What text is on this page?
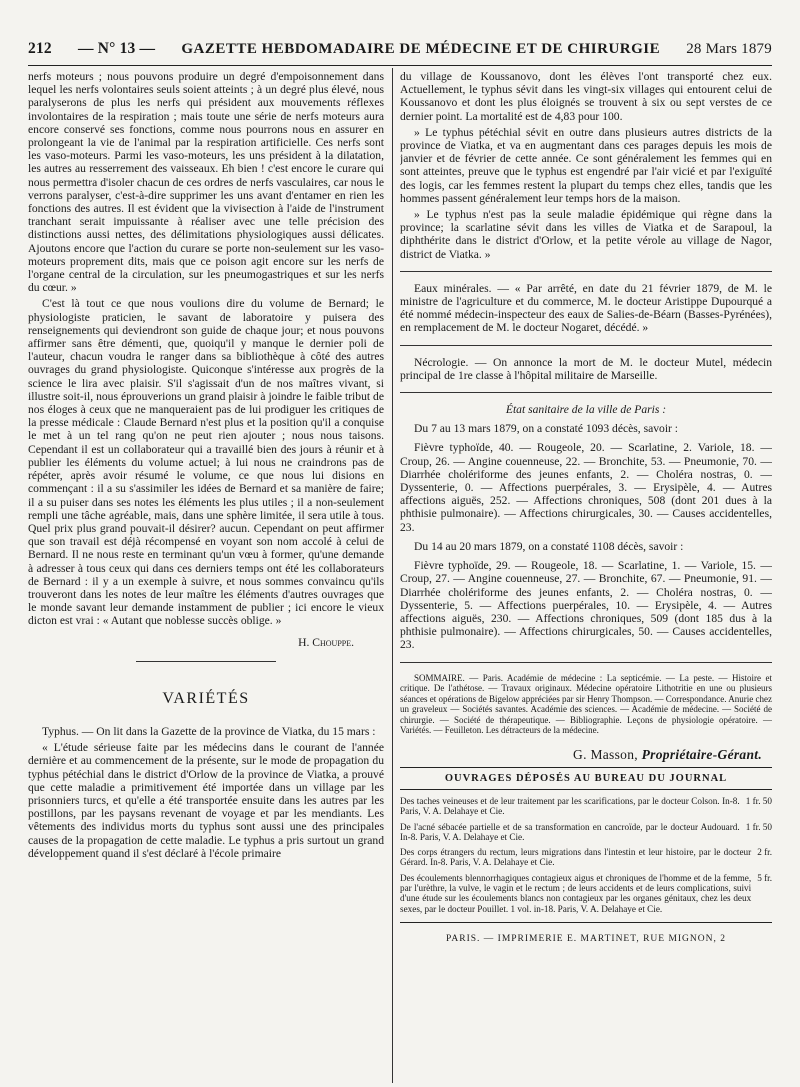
212 — N° 13 — GAZETTE HEBDOMADAIRE DE MÉDECINE ET DE CHIRURGIE 28 Mars 1879

nerfs moteurs ; nous pouvons produire un degré d'empoisonnement dans lequel les nerfs volontaires seuls soient atteints ; à un degré plus élevé, nous paralyserons de plus les nerfs qui président aux mouvements réflexes involontaires de la respiration ; mais toute une série de nerfs moteurs aura encore conservé ses fonctions, comme nous pourrons nous en assurer en prolongeant la vie de l'animal par la respiration artificielle. Ces nerfs sont les vaso-moteurs. Parmi les vaso-moteurs, les uns président à la dilatation, les autres au resserrement des vaisseaux. Eh bien ! c'est encore le curare qui nous permettra d'isoler chacun de ces ordres de nerfs vasculaires, car nous le verrons paralyser, c'est-à-dire supprimer les uns avant d'entamer en rien les fonctions des autres. Il est évident que la vivisection à l'aide de l'instrument tranchant serait impuissante à réaliser avec une telle précision des distinctions aussi nettes, des délimitations physiologiques aussi délicates. Ajoutons encore que l'action du curare se porte non-seulement sur les vaso-moteurs proprement dits, mais que ce poison agit encore sur les nerfs de l'organe central de la circulation, sur les pneumogastriques et sur les nerfs du cœur. »

C'est là tout ce que nous voulions dire du volume de Bernard; le physiologiste praticien, le savant de laboratoire y puisera des renseignements qui deviendront son guide de chaque jour; et nous pouvons affirmer sans être démenti, que, quoiqu'il y manque le dernier poli de l'auteur, chacun voudra le ranger dans sa bibliothèque à côté des autres ouvrages du grand physiologiste. Quiconque s'intéresse aux progrès de la science le lira avec plaisir. S'il s'agissait d'un de nos maîtres vivant, si illustre soit-il, nous éprouverions un grand plaisir à joindre le faible tribut de nos éloges à ceux que ne manqueraient pas de lui prodiguer les critiques de la presse médicale : Claude Bernard n'est plus et la position qu'il a conquise le met à un tel rang qu'on ne peut rien ajouter ; nous nous taisons. Cependant il est un collaborateur qui a travaillé bien des jours à réunir et à publier les éléments du volume actuel; à lui nous ne craindrons pas de répéter, après avoir résumé le volume, ce que nous lui disions en commençant : il a su s'assimiler les idées de Bernard et sa manière de faire; il a su puiser dans ses notes les éléments les plus utiles ; il a non-seulement rempli une tâche agréable, mais, dans une sphère limitée, il sera utile à tous. Quel prix plus grand pouvait-il désirer? aucun. Cependant on peut affirmer que son travail est déjà récompensé en voyant son nom accolé à celui de Bernard. Il ne nous reste en terminant qu'un vœu à former, qu'une demande à adresser à tous ceux qui dans ces derniers temps ont été les collaborateurs de Bernard : il y a un exemple à suivre, et nous sommes convaincu qu'ils trouveront dans les notes de leur maître les éléments d'autres ouvrages que le monde savant leur demande instamment de publier ; ici encore le vieux dicton est vrai : « Autant que noblesse succès oblige. »

H. Chouppe.
VARIÉTÉS

Typhus. — On lit dans la Gazette de la province de Viatka, du 15 mars :

« L'étude sérieuse faite par les médecins dans le courant de l'année dernière et au commencement de la présente, sur le mode de propagation du typhus pétéchial dans le district d'Orlow de la province de Viatka, a prouvé que cette maladie a primitivement été importée dans un village par les prisonniers turcs, et qu'elle a été transportée ensuite dans les autres par les postillons, par les paysans revenant de voyage et par les mendiants. Les vêtements des individus morts du typhus sont aussi une des principales causes de la propagation de cette maladie. Le typhus a pris surtout un grand développement quand il s'est déclaré à l'école primaire

du village de Koussanovo, dont les élèves l'ont transporté chez eux. Actuellement, le typhus sévit dans les vingt-six villages qui entourent celui de Koussanovo et dont les plus éloignés se trouvent à six ou sept verstes de ce dernier point. La mortalité est de 4,83 pour 100.

» Le typhus pétéchial sévit en outre dans plusieurs autres districts de la province de Viatka, et va en augmentant dans ces parages depuis les mois de janvier et de février de cette année. Ce sont généralement les femmes qui en sont atteintes, preuve que le typhus est engendré par l'air vicié et par l'exiguïté des logis, car les femmes restent la plupart du temps chez elles, tandis que les hommes passent généralement leur temps hors de la maison.

» Le typhus n'est pas la seule maladie épidémique qui règne dans la province; la scarlatine sévit dans les villes de Viatka et de Sarapoul, la diphthérite dans le district d'Orlow, et la petite vérole au village de Nagor, district de Viatka. »

Eaux minérales. — « Par arrêté, en date du 21 février 1879, de M. le ministre de l'agriculture et du commerce, M. le docteur Aristippe Dupourqué a été nommé médecin-inspecteur des eaux de Salies-de-Béarn (Basses-Pyrénées), en remplacement de M. le docteur Nogaret, décédé. »

Nécrologie. — On annonce la mort de M. le docteur Mutel, médecin principal de 1re classe à l'hôpital militaire de Marseille.

État sanitaire de la ville de Paris :

Du 7 au 13 mars 1879, on a constaté 1093 décès, savoir :

Fièvre typhoïde, 40. — Rougeole, 20. — Scarlatine, 2. Variole, 18. — Croup, 26. — Angine couenneuse, 22. — Bronchite, 53. — Pneumonie, 70. — Diarrhée cholériforme des jeunes enfants, 2. — Choléra nostras, 0. — Dyssenterie, 0. — Affections puerpérales, 3. — Erysipèle, 4. — Autres affections aiguës, 252. — Affections chroniques, 508 (dont 201 dues à la phthisie pulmonaire). — Affections chirurgicales, 30. — Causes accidentelles, 23.

Du 14 au 20 mars 1879, on a constaté 1108 décès, savoir :

Fièvre typhoïde, 29. — Rougeole, 18. — Scarlatine, 1. — Variole, 15. — Croup, 27. — Angine couenneuse, 27. — Bronchite, 67. — Pneumonie, 91. — Diarrhée cholériforme des jeunes enfants, 2. — Choléra nostras, 0. — Dyssenterie, 5. — Affections puerpérales, 10. — Erysipèle, 4. — Autres affections aiguës, 230. — Affections chroniques, 509 (dont 185 dus à la phthisie pulmonaire). — Affections chirurgicales, 50. — Causes accidentelles, 23.

SOMMAIRE. — Paris. Académie de médecine : La septicémie. — La peste. — Histoire et critique. De l'athétose. — Travaux originaux. Médecine opératoire Lithotritie en une ou plusieurs séances et opérations de Bigelow appréciées par sir Henry Thompson. — Correspondance. Anurie chez un graveleux — Sociétés savantes. Académie des sciences. — Académie de médecine. — Société de chirurgie. — Société de thérapeutique. — Bibliographie. Leçons de physiologie opératoire. — Variétés. — Feuilleton. Les détracteurs de la médecine.

G. Masson, Propriétaire-Gérant.
OUVRAGES DÉPOSÉS AU BUREAU DU JOURNAL
Des taches veineuses et de leur traitement par les scarifications, par le docteur Colson. In-8. Paris, V. A. Delahaye et Cie.
1 fr. 50
De l'acné sébacée partielle et de sa transformation en cancroïde, par le docteur Audouard. In-8. Paris, V. A. Delahaye et Cie.
1 fr. 50
Des corps étrangers du rectum, leurs migrations dans l'intestin et leur histoire, par le docteur Gérard. In-8. Paris, V. A. Delahaye et Cie.
2 fr.
Des écoulements blennorrhagiques contagieux aigus et chroniques de l'homme et de la femme, par l'urèthre, la vulve, le vagin et le rectum ; de leurs accidents et de leurs complications, suivi d'une étude sur les écoulements blancs non contagieux par les organes génitaux, chez les deux sexes, par le docteur Pouillet. 1 vol. in-18. Paris, V. A. Delahaye et Cie.
5 fr.
PARIS. — IMPRIMERIE E. MARTINET, RUE MIGNON, 2
